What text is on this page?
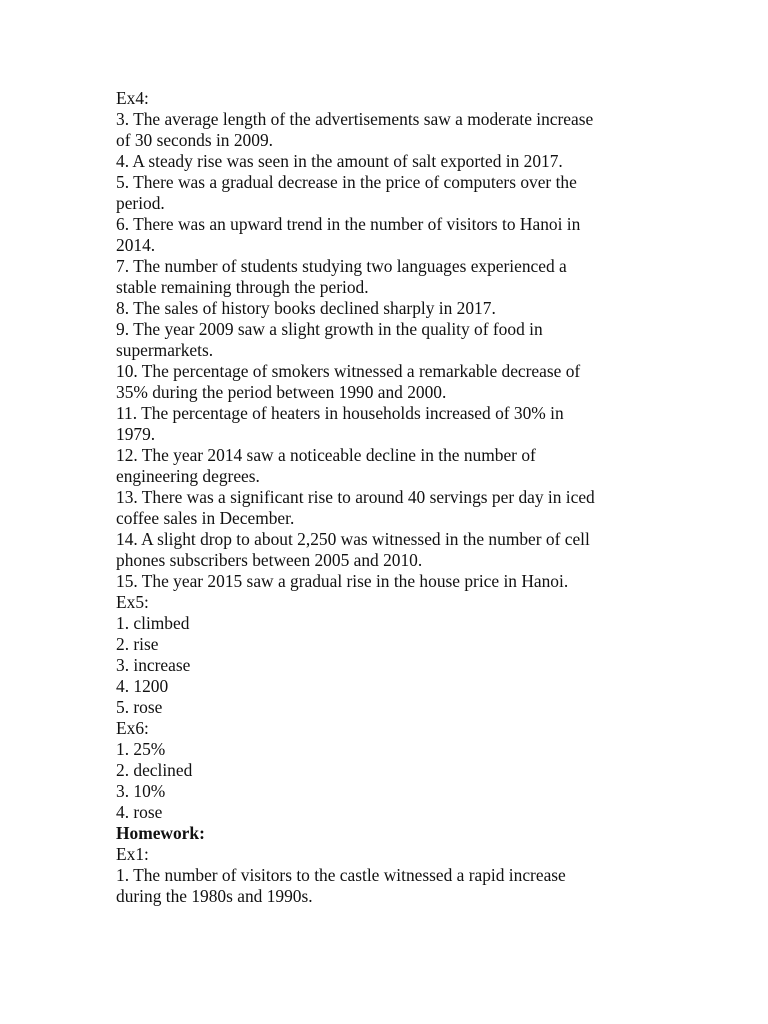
Ex4:
3. The average length of the advertisements saw a moderate increase
of 30 seconds in 2009.
4. A steady rise was seen in the amount of salt exported in 2017.
5. There was a gradual decrease in the price of computers over the
period.
6. There was an upward trend in the number of visitors to Hanoi in
2014.
7. The number of students studying two languages experienced a
stable remaining through the period.
8. The sales of history books declined sharply in 2017.
9. The year 2009 saw a slight growth in the quality of food in
supermarkets.
10. The percentage of smokers witnessed a remarkable decrease of
35% during the period between 1990 and 2000.
11. The percentage of heaters in households increased of 30% in
1979.
12. The year 2014 saw a noticeable decline in the number of
engineering degrees.
13. There was a significant rise to around 40 servings per day in iced
coffee sales in December.
14. A slight drop to about 2,250 was witnessed in the number of cell
phones subscribers between 2005 and 2010.
15. The year 2015 saw a gradual rise in the house price in Hanoi.
Ex5:
1. climbed
2. rise
3. increase
4. 1200
5. rose
Ex6:
1. 25%
2. declined
3. 10%
4. rose
Homework:
Ex1:
1. The number of visitors to the castle witnessed a rapid increase
during the 1980s and 1990s.
